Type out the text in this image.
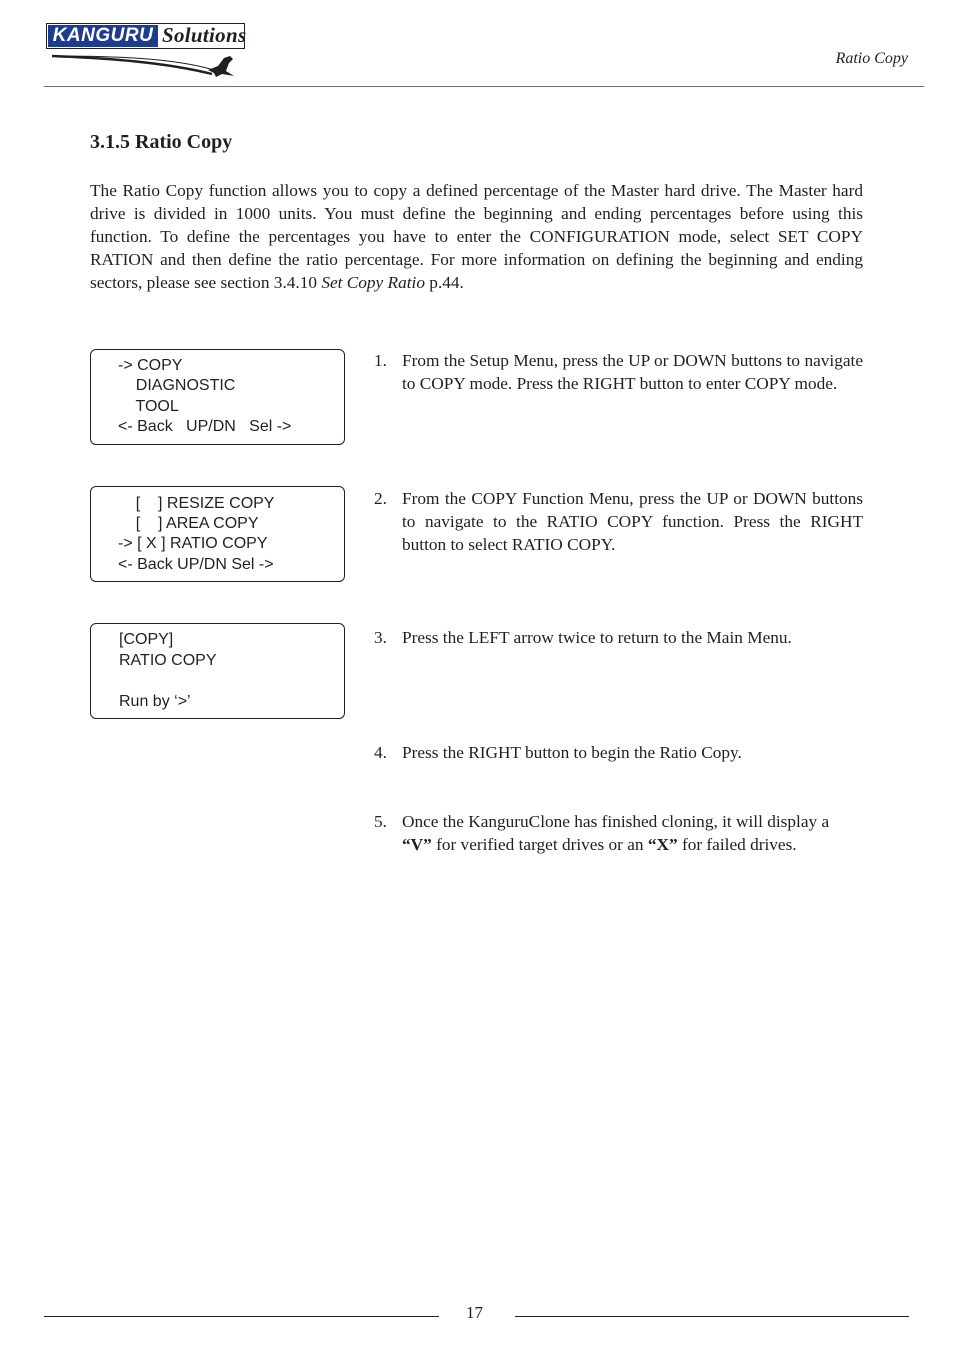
KANGURU Solutions
Ratio Copy
3.1.5 Ratio Copy
The Ratio Copy function allows you to copy a defined percentage of the Master hard drive. The Master hard drive is divided in 1000 units. You must define the beginning and ending percentages before using this function. To define the percentages you have to enter the CONFIGURATION mode, select SET COPY RATION and then define the ratio percentage. For more information on defining the beginning and ending sectors, please see section 3.4.10 Set Copy Ratio p.44.
-> COPY
DIAGNOSTIC
TOOL
<- Back   UP/DN   Sel ->
[    ] RESIZE COPY
[    ] AREA COPY
-> [ X ] RATIO COPY
<- Back UP/DN Sel ->
[COPY]
RATIO COPY
Run by ‘>’
1. From the Setup Menu, press the UP or DOWN buttons to navigate to COPY mode. Press the RIGHT button to enter COPY mode.
2. From the COPY Function Menu, press the UP or DOWN buttons to navigate to the RATIO COPY function. Press the RIGHT button to select RATIO COPY.
3. Press the LEFT arrow twice to return to the Main Menu.
4. Press the RIGHT button to begin the Ratio Copy.
5. Once the KanguruClone has finished cloning, it will display a “V” for verified target drives or an “X” for failed drives.
17
